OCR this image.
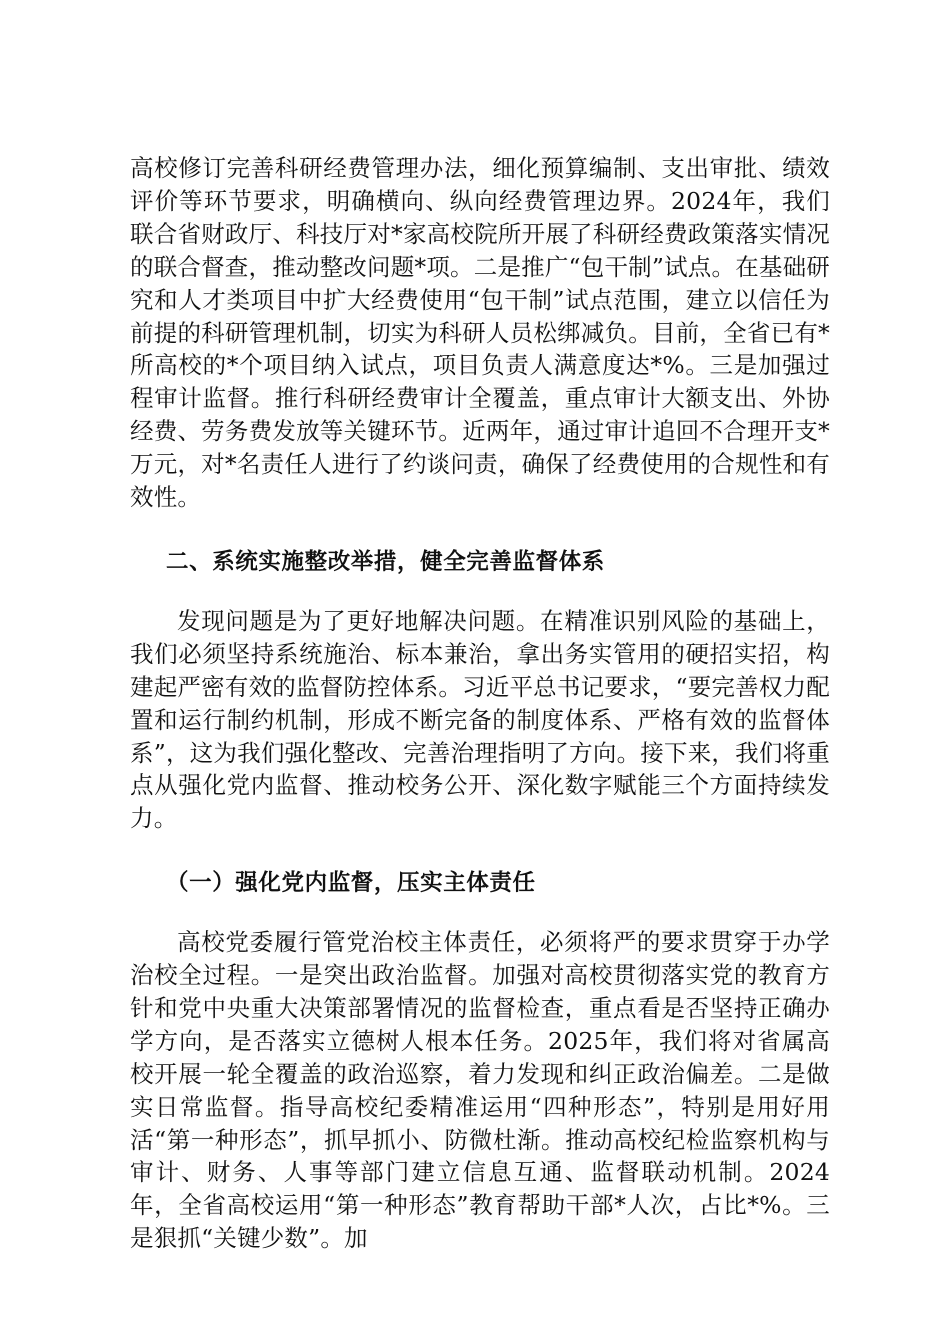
高校修订完善科研经费管理办法，细化预算编制、支出审批、绩效评价等环节要求，明确横向、纵向经费管理边界。2024年，我们联合省财政厅、科技厅对*家高校院所开展了科研经费政策落实情况的联合督查，推动整改问题*项。二是推广“包干制”试点。在基础研究和人才类项目中扩大经费使用“包干制”试点范围，建立以信任为前提的科研管理机制，切实为科研人员松绑减负。目前，全省已有*所高校的*个项目纳入试点，项目负责人满意度达*%。三是加强过程审计监督。推行科研经费审计全覆盖，重点审计大额支出、外协经费、劳务费发放等关键环节。近两年，通过审计追回不合理开支*万元，对*名责任人进行了约谈问责，确保了经费使用的合规性和有效性。

二、系统实施整改举措，健全完善监督体系

发现问题是为了更好地解决问题。在精准识别风险的基础上，我们必须坚持系统施治、标本兼治，拿出务实管用的硬招实招，构建起严密有效的监督防控体系。习近平总书记要求，“要完善权力配置和运行制约机制，形成不断完备的制度体系、严格有效的监督体系”，这为我们强化整改、完善治理指明了方向。接下来，我们将重点从强化党内监督、推动校务公开、深化数字赋能三个方面持续发力。

（一）强化党内监督，压实主体责任

高校党委履行管党治校主体责任，必须将严的要求贯穿于办学治校全过程。一是突出政治监督。加强对高校贯彻落实党的教育方针和党中央重大决策部署情况的监督检查，重点看是否坚持正确办学方向，是否落实立德树人根本任务。2025年，我们将对省属高校开展一轮全覆盖的政治巡察，着力发现和纠正政治偏差。二是做实日常监督。指导高校纪委精准运用“四种形态”，特别是用好用活“第一种形态”，抓早抓小、防微杜渐。推动高校纪检监察机构与审计、财务、人事等部门建立信息互通、监督联动机制。2024年，全省高校运用“第一种形态”教育帮助干部*人次，占比*%。三是狠抓“关键少数”。加
